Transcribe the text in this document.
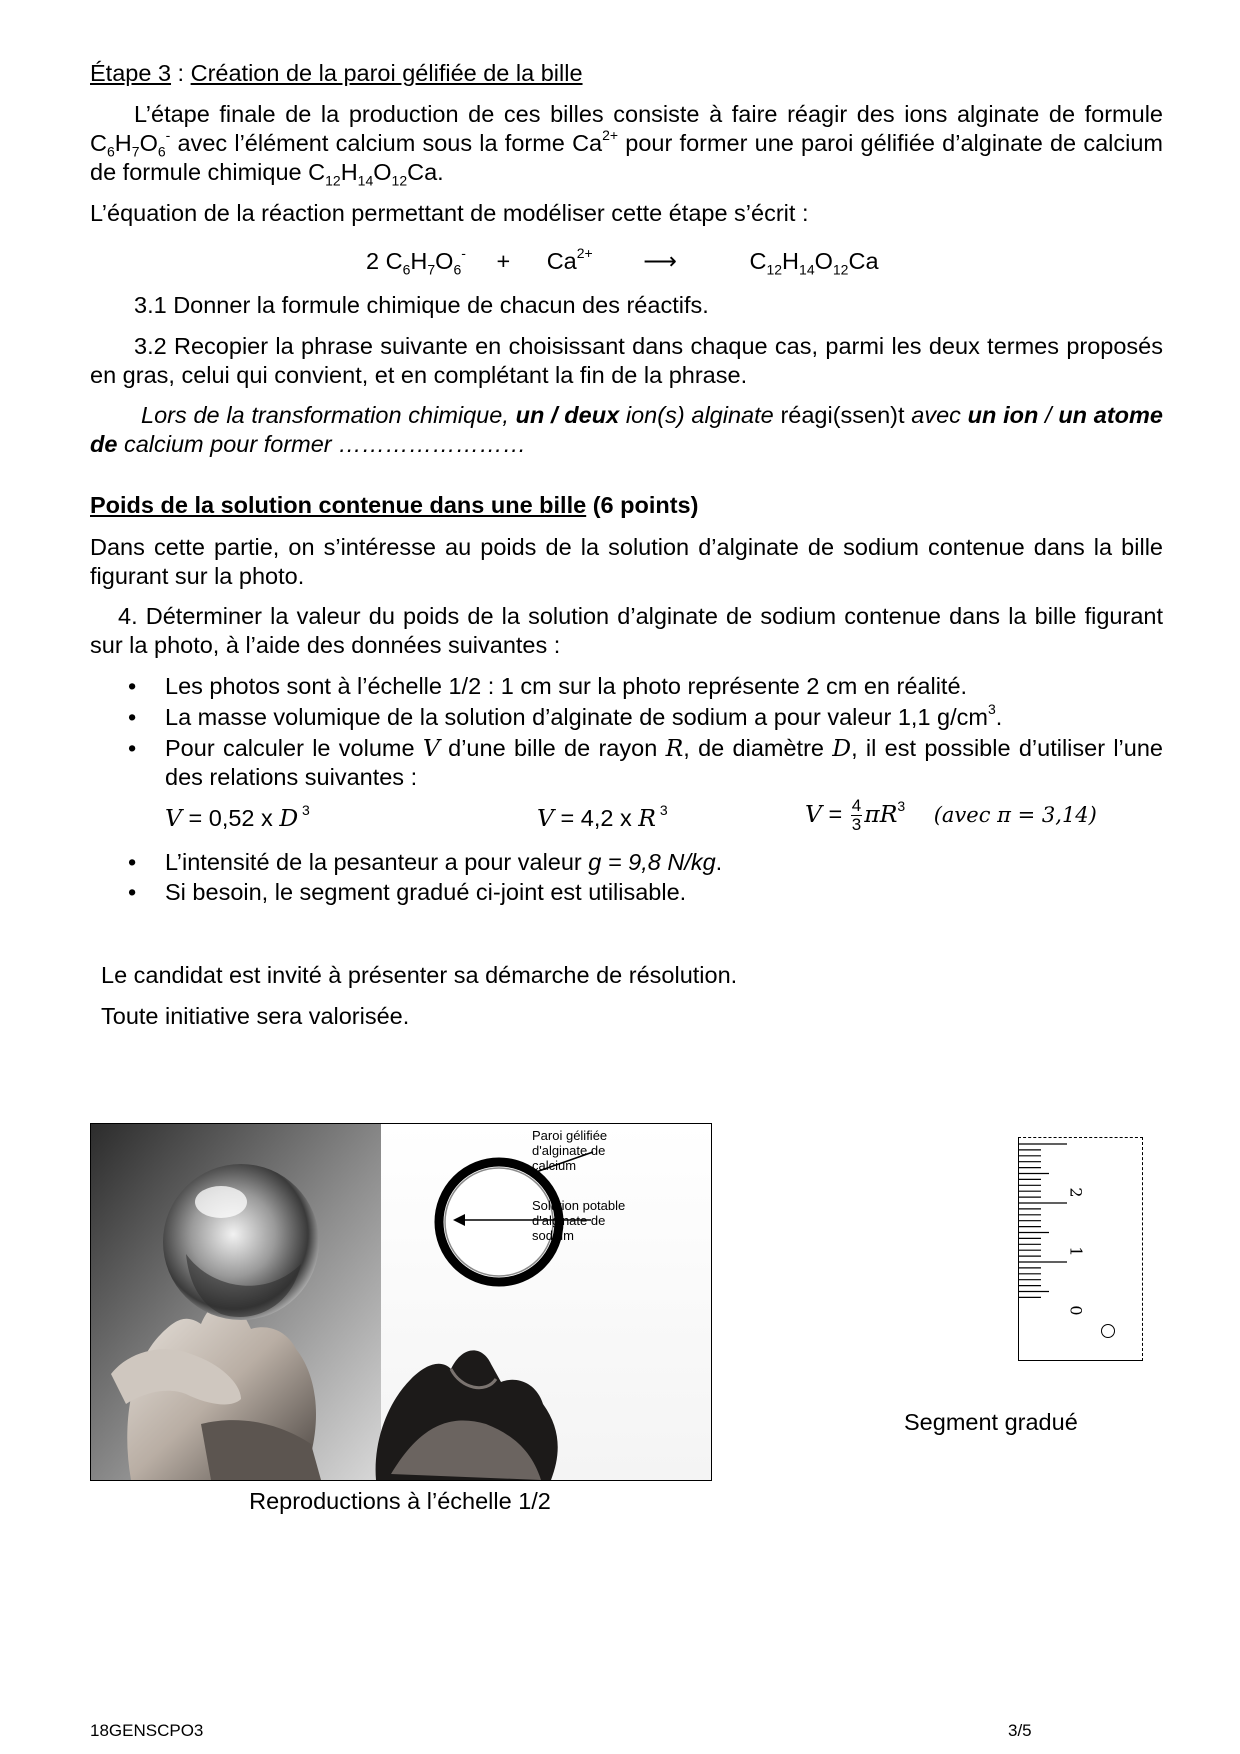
Étape 3 : Création de la paroi gélifiée de la bille
L’étape finale de la production de ces billes consiste à faire réagir des ions alginate de formule $C_6H_7O_6^-$ avec l’élément calcium sous la forme $Ca^{2+}$ pour former une paroi gélifiée d’alginate de calcium de formule chimique $C_{12}H_{14}O_{12}Ca$.
L’équation de la réaction permettant de modéliser cette étape s’écrit :
2 $C_6H_7O_6^- + Ca^{2+}$ ⟶	$C_{12}H_{14}O_{12}Ca$
3.1 Donner la formule chimique de chacun des réactifs.
3.2 Recopier la phrase suivante en choisissant dans chaque cas, parmi les deux termes proposés en gras, celui qui convient, et en complétant la fin de la phrase.
Lors de la transformation chimique, un / deux ion(s) alginate réagi(ssen)t avec un ion / un atome de calcium pour former ……………………
Poids de la solution contenue dans une bille (6 points)
Dans cette partie, on s’intéresse au poids de la solution d’alginate de sodium contenue dans la bille figurant sur la photo.
4. Déterminer la valeur du poids de la solution d’alginate de sodium contenue dans la bille figurant sur la photo, à l’aide des données suivantes :
• Les photos sont à l’échelle 1/2 : 1 cm sur la photo représente 2 cm en réalité.
• La masse volumique de la solution d’alginate de sodium a pour valeur 1,1 $g/cm^3$.
• Pour calculer le volume V d’une bille de rayon R, de diamètre D, il est possible d’utiliser l’une des relations suivantes :
V = 0,52 x D $^3$	V = 4,2 x R $^3$	$V = \frac{4}{3} \pi R^3$ (avec π = 3,14)
• L’intensité de la pesanteur a pour valeur g = 9,8 N/kg.
• Si besoin, le segment gradué ci-joint est utilisable.
Le candidat est invité à présenter sa démarche de résolution.
Toute initiative sera valorisée.
Paroi gélifiée
d'alginate de
calcium
Solution potable
d'alginate de
sodium
Reproductions à l’échelle 1/2
0
1
2
Segment gradué
18GENSCPO3	3/5
